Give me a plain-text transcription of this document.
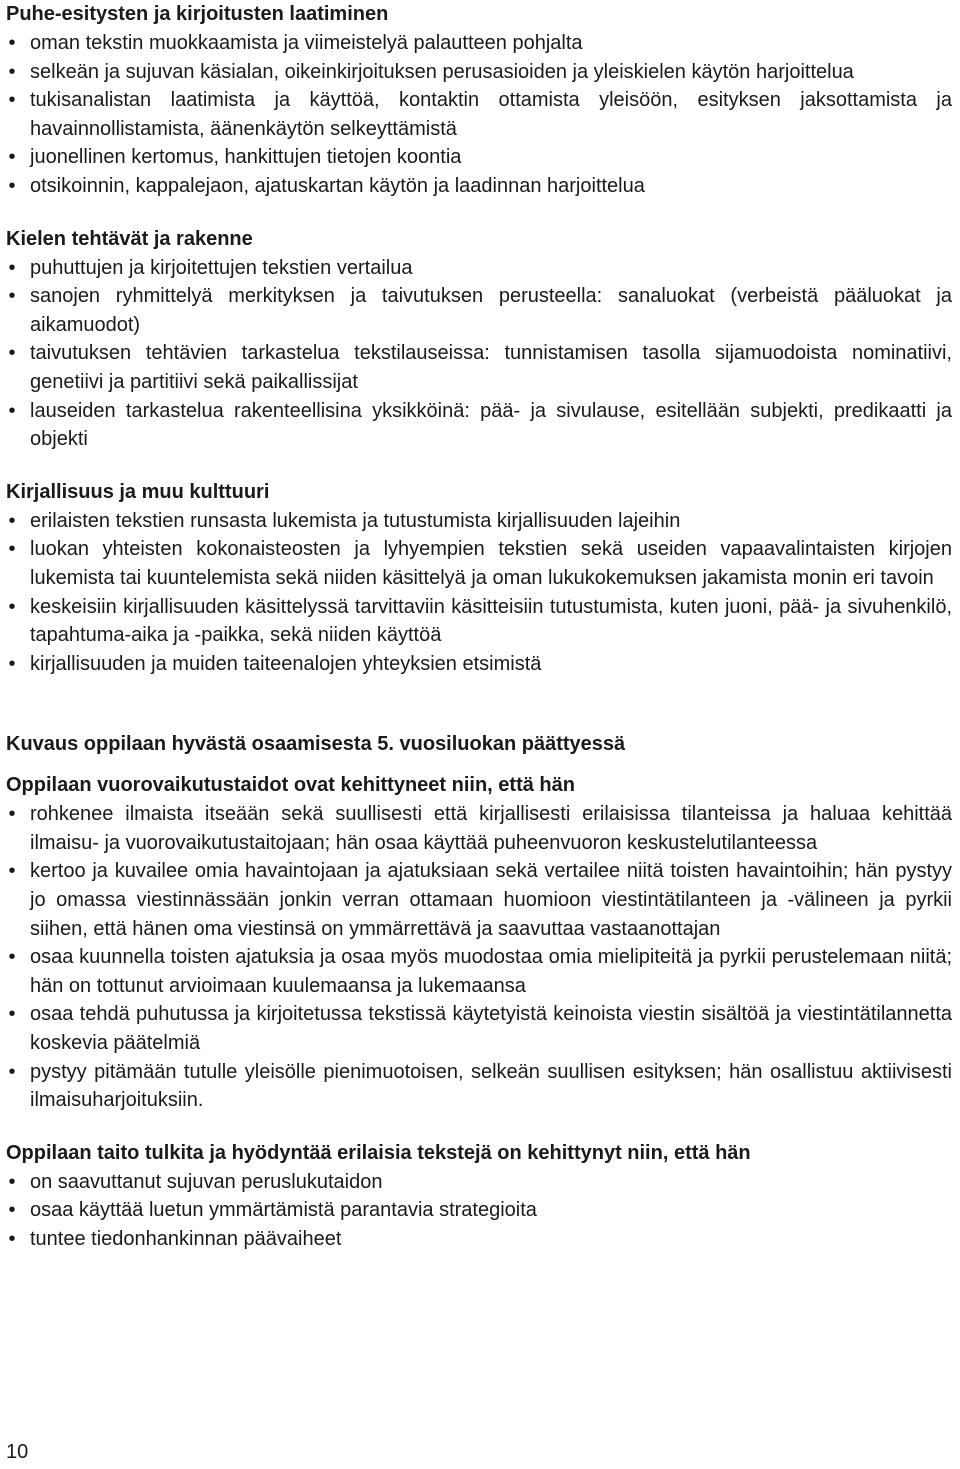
Puhe-esitysten ja kirjoitusten laatiminen
• oman tekstin muokkaamista ja viimeistelyä palautteen pohjalta
• selkeän ja sujuvan käsialan, oikeinkirjoituksen perusasioiden ja yleiskielen käytön harjoittelua
• tukisanalistan laatimista ja käyttöä, kontaktin ottamista yleisöön, esityksen jaksottamista ja havainnollistamista, äänenkäytön selkeyttämistä
• juonellinen kertomus, hankittujen tietojen koontia
• otsikoinnin, kappalejaon, ajatuskartan käytön ja laadinnan harjoittelua
Kielen tehtävät ja rakenne
• puhuttujen ja kirjoitettujen tekstien vertailua
• sanojen ryhmittelyä merkityksen ja taivutuksen perusteella: sanaluokat (verbeistä pääluokat ja aikamuodot)
• taivutuksen tehtävien tarkastelua tekstilauseissa: tunnistamisen tasolla sijamuodoista nominatiivi, genetiivi ja partitiivi sekä paikallissijat
• lauseiden tarkastelua rakenteellisina yksikköinä: pää- ja sivulause, esitellään subjekti, predikaatti ja objekti
Kirjallisuus ja muu kulttuuri
• erilaisten tekstien runsasta lukemista ja tutustumista kirjallisuuden lajeihin
• luokan yhteisten kokonaisteosten ja lyhyempien tekstien sekä useiden vapaavalintaisten kirjojen lukemista tai kuuntelemista sekä niiden käsittelyä ja oman lukukokemuksen jakamista monin eri tavoin
• keskeisiin kirjallisuuden käsittelyssä tarvittaviin käsitteisiin tutustumista, kuten juoni, pää- ja sivuhenkilö, tapahtuma-aika ja -paikka, sekä niiden käyttöä
• kirjallisuuden ja muiden taiteenalojen yhteyksien etsimistä
Kuvaus oppilaan hyvästä osaamisesta 5. vuosiluokan päättyessä
Oppilaan vuorovaikutustaidot ovat kehittyneet niin, että hän
• rohkenee ilmaista itseään sekä suullisesti että kirjallisesti erilaisissa tilanteissa ja haluaa kehittää ilmaisu- ja vuorovaikutustaitojaan; hän osaa käyttää puheenvuoron keskustelutilanteessa
• kertoo ja kuvailee omia havaintojaan ja ajatuksiaan sekä vertailee niitä toisten havaintoihin; hän pystyy jo omassa viestinnässään jonkin verran ottamaan huomioon viestintätilanteen ja -välineen ja pyrkii siihen, että hänen oma viestinsä on ymmärrettävä ja saavuttaa vastaanottajan
• osaa kuunnella toisten ajatuksia ja osaa myös muodostaa omia mielipiteitä ja pyrkii perustelemaan niitä; hän on tottunut arvioimaan kuulemaansa ja lukemaansa
• osaa tehdä puhutussa ja kirjoitetussa tekstissä käytetyistä keinoista viestin sisältöä ja viestintätilannetta koskevia päätelmiä
• pystyy pitämään tutulle yleisölle pienimuotoisen, selkeän suullisen esityksen; hän osallistuu aktiivisesti ilmaisuharjoituksiin.
Oppilaan taito tulkita ja hyödyntää erilaisia tekstejä on kehittynyt niin, että hän
• on saavuttanut sujuvan peruslukutaidon
• osaa käyttää luetun ymmärtämistä parantavia strategioita
• tuntee tiedonhankinnan päävaiheet
10
